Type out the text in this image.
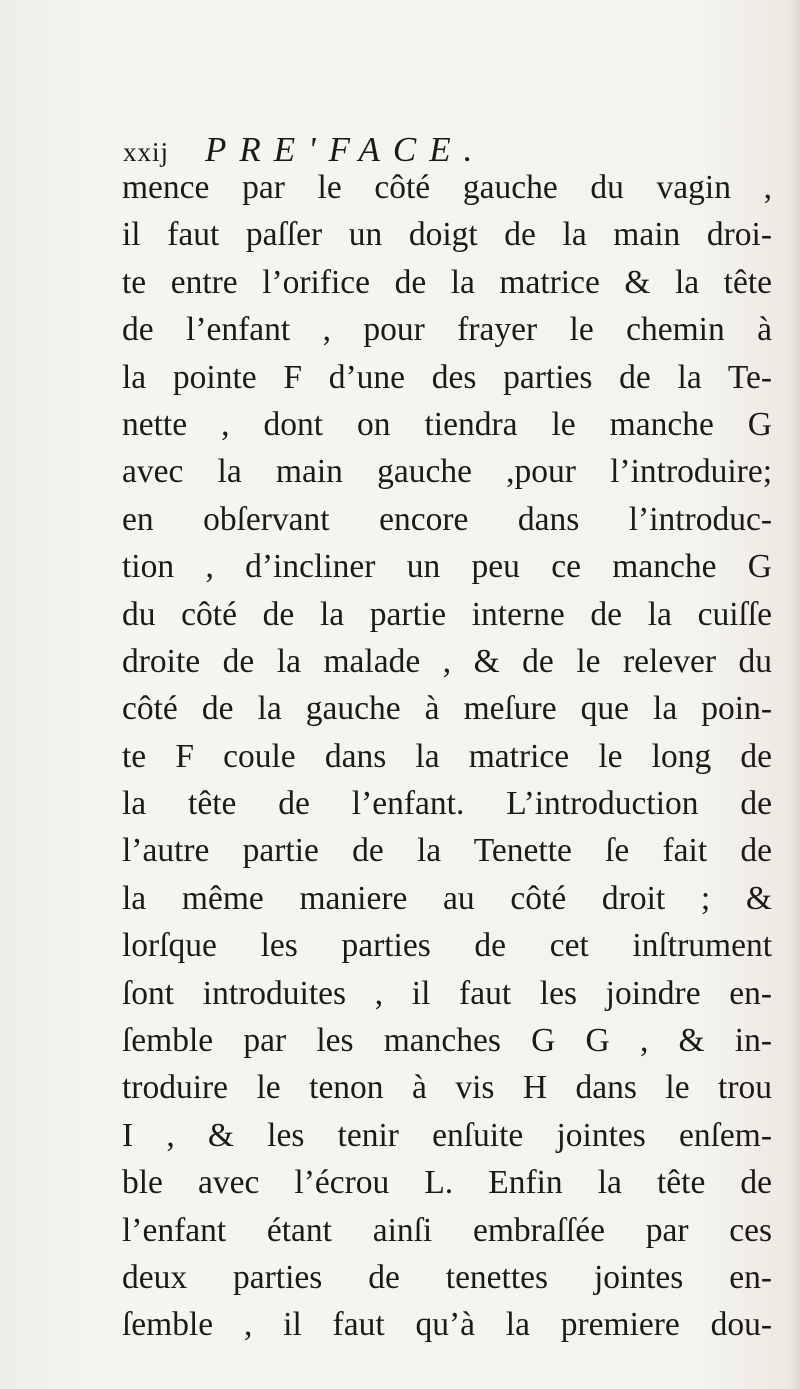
xxij PRE'FACE.
mence par le côté gauche du vagin ,
il faut paſſer un doigt de la main droi-
te entre l’orifice de la matrice & la tête
de l’enfant , pour frayer le chemin à
la pointe F d’une des parties de la Te-
nette , dont on tiendra le manche G
avec la main gauche ,pour l’introduire;
en obſervant encore dans l’introduc-
tion , d’incliner un peu ce manche G
du côté de la partie interne de la cuiſſe
droite de la malade , & de le relever du
côté de la gauche à meſure que la poin-
te F coule dans la matrice le long de
la tête de l’enfant. L’introduction de
l’autre partie de la Tenette ſe fait de
la même maniere au côté droit ; &
lorſque les parties de cet inſtrument
ſont introduites , il faut les joindre en-
ſemble par les manches G G , & in-
troduire le tenon à vis H dans le trou
I , & les tenir enſuite jointes enſem-
ble avec l’écrou L. Enfin la tête de
l’enfant étant ainſi embraſſée par ces
deux parties de tenettes jointes en-
ſemble , il faut qu’à la premiere dou-
